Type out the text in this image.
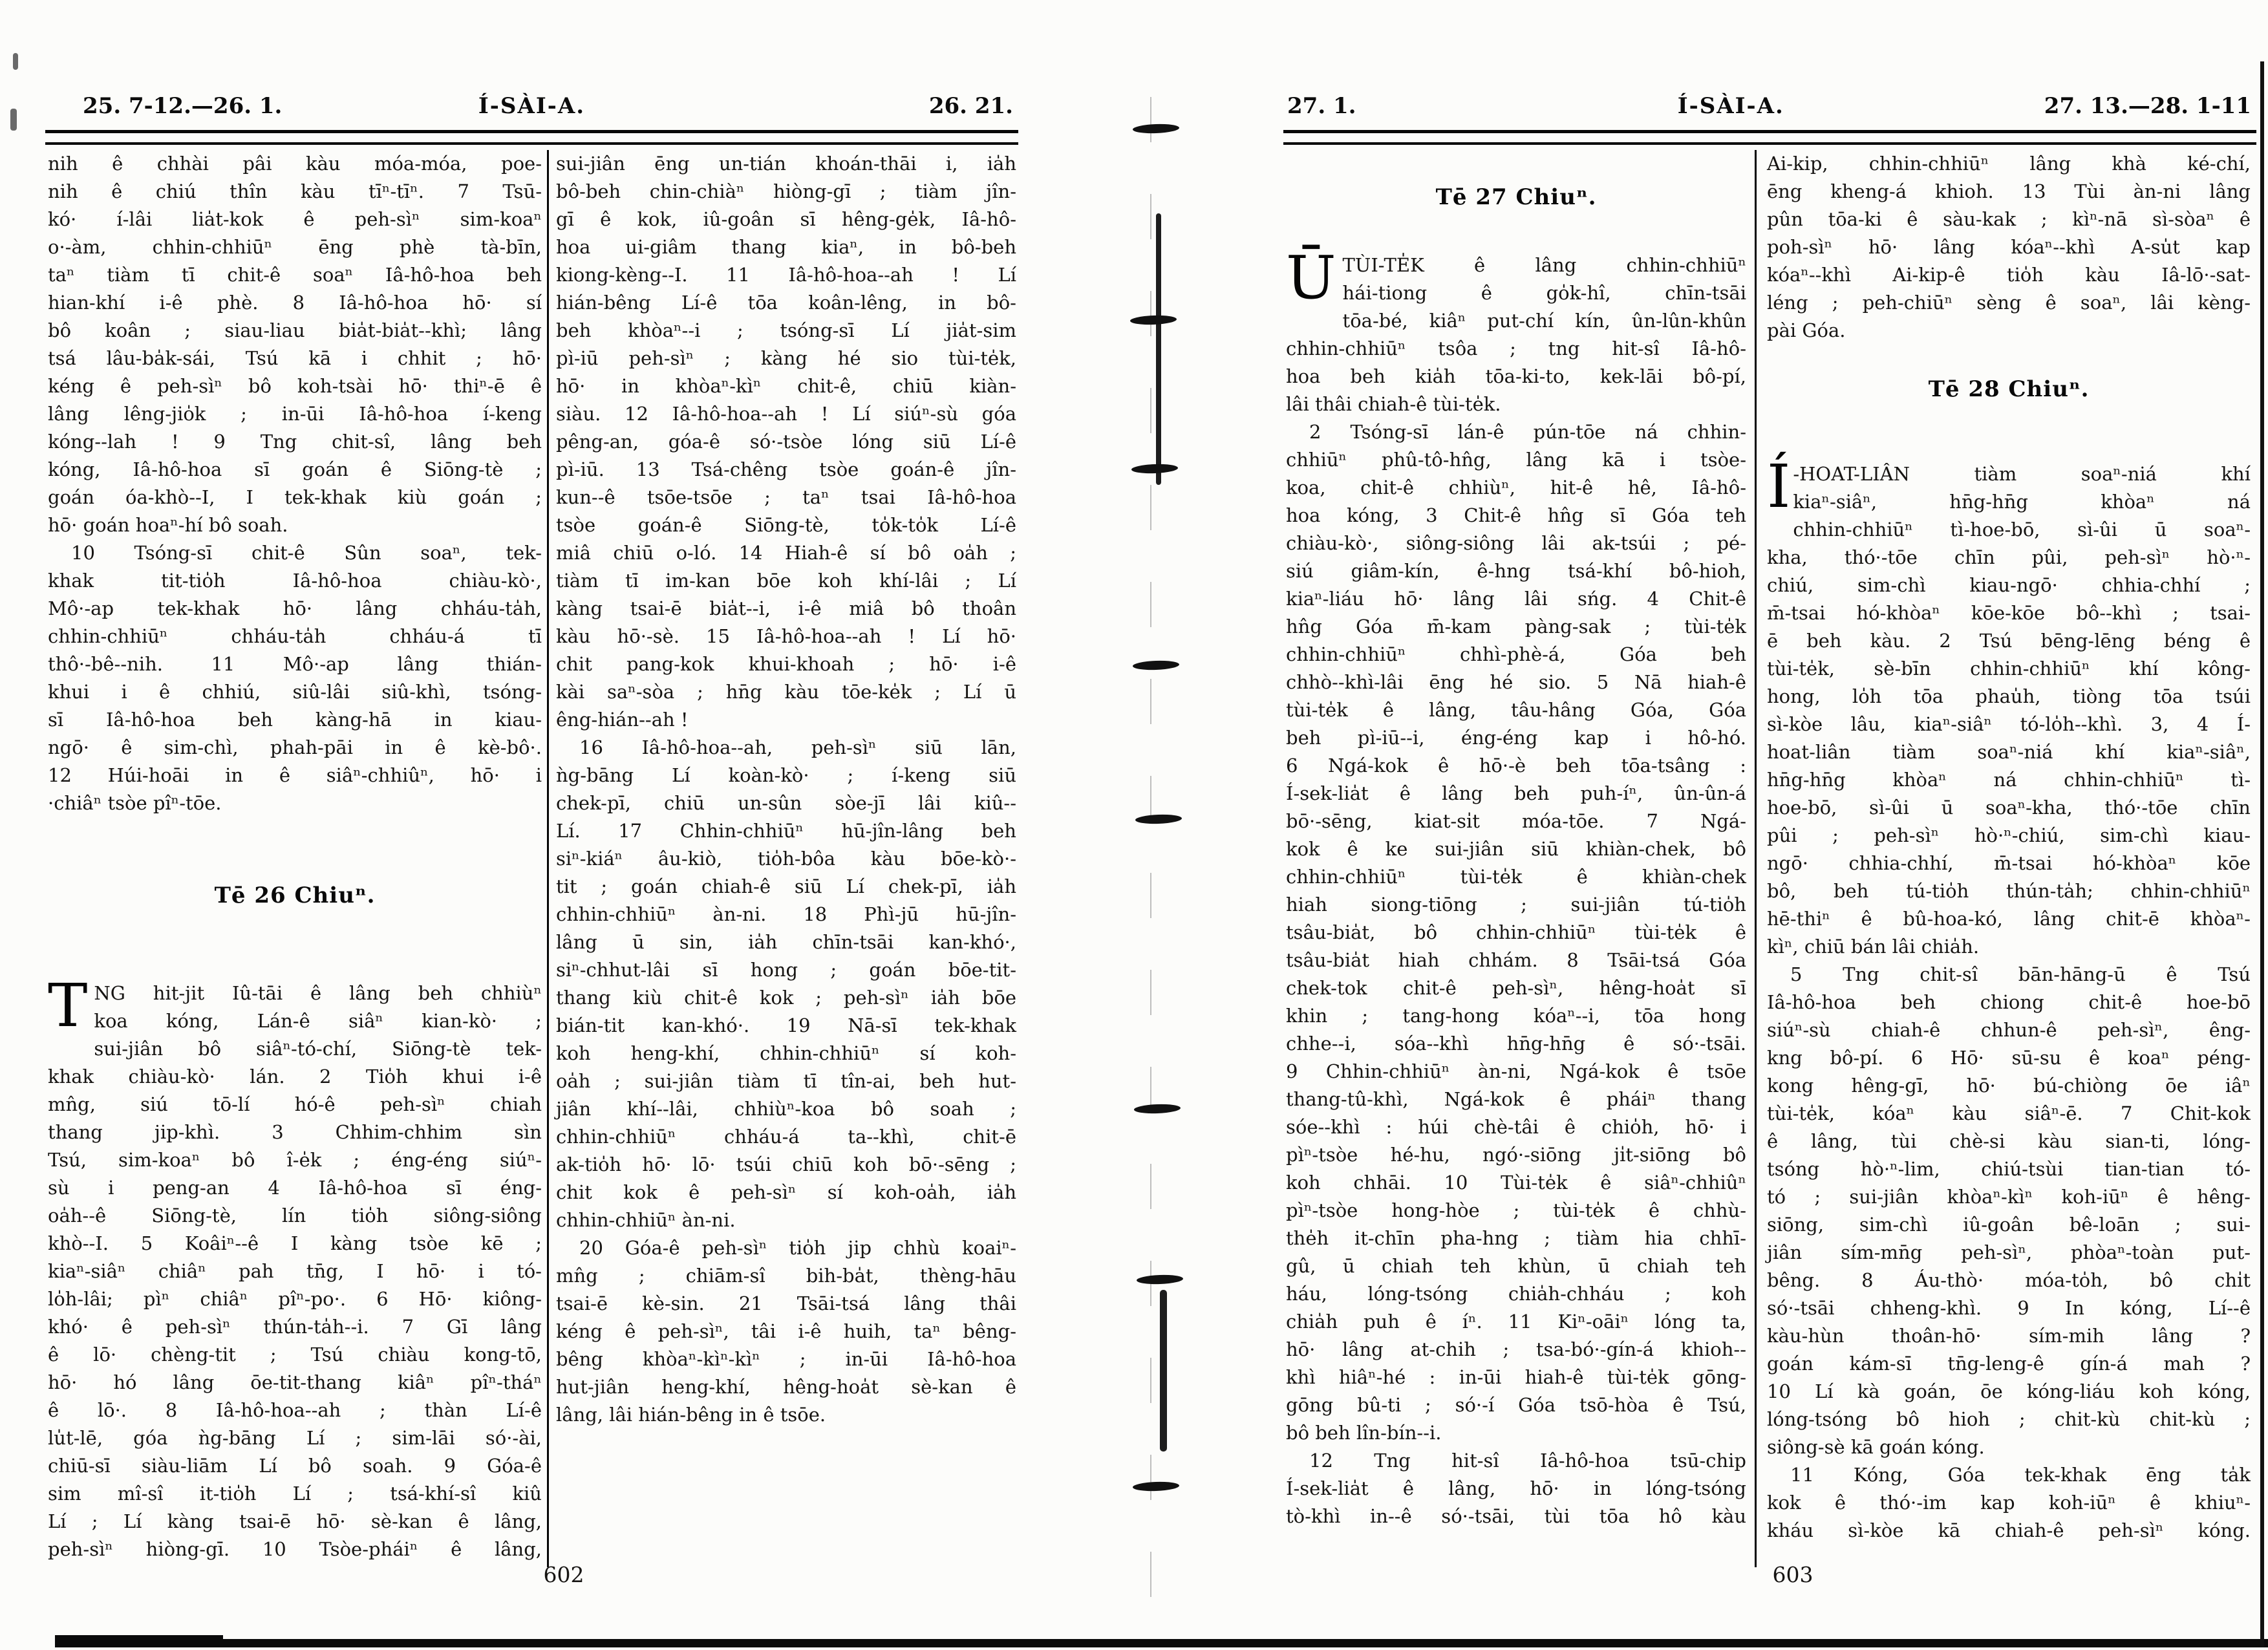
25. 7-12.—26. 1.	Í-SÀI-A.	26. 21.
nih ê chhài pâi kàu móa-móa, poe-
nih ê chiú thîn kàu tīⁿ-tīⁿ. 7 Tsū-
kó· í-lâi lia̍t-kok ê peh-sìⁿ sim-koaⁿ
o·-àm, chhin-chhiūⁿ ēng phè tà-bīn,
taⁿ tiàm tī chit-ê soaⁿ Iâ-hô-hoa beh
hian-khí i-ê phè. 8 Iâ-hô-hoa hō· sí
bô koân ; siau-liau bia̍t-bia̍t--khì; lâng
tsá lâu-ba̍k-sái, Tsú kā i chhit ; hō·
kéng ê peh-sìⁿ bô koh-tsài hō· thiⁿ-ē ê
lâng lêng-jio̍k ; in-ūi Iâ-hô-hoa í-keng
kóng--lah ! 9 Tng chit-sî, lâng beh
kóng, Iâ-hô-hoa sī goán ê Siōng-tè ;
goán óa-khò--I, I tek-khak kiù goán ;
hō· goán hoaⁿ-hí bô soah.
10 Tsóng-sī chit-ê Sûn soaⁿ, tek-
khak tit-tio̍h Iâ-hô-hoa chiàu-kò·,
Mô·-ap tek-khak hō· lâng chháu-ta̍h,
chhin-chhiūⁿ chháu-ta̍h chháu-á tī
thô·-bê--nih. 11 Mô·-ap lâng thián-
khui i ê chhiú, siû-lâi siû-khì, tsóng-
sī Iâ-hô-hoa beh kàng-hā in kiau-
ngō· ê sim-chì, phah-pāi in ê kè-bô·.
12 Húi-hoāi in ê siâⁿ-chhiûⁿ, hō· i
·chiâⁿ tsòe pîⁿ-tōe.
Tē 26 Chiuⁿ.
TNG hit-jit Iû-tāi ê lâng beh chhiùⁿ
koa kóng, Lán-ê siâⁿ kian-kò· ;
sui-jiân bô siâⁿ-tó-chí, Siōng-tè tek-
khak chiàu-kò· lán. 2 Tio̍h khui i-ê
mn̂g, siú tō-lí hó-ê peh-sìⁿ chiah
thang jip-khì. 3 Chhim-chhim sìn
Tsú, sim-koaⁿ bô î-e̍k ; éng-éng siúⁿ-
sù i peng-an 4 Iâ-hô-hoa sī éng-
oa̍h--ê Siōng-tè, lín tio̍h siông-siông
khò--I. 5 Koâiⁿ--ê I kàng tsòe kē ;
kiaⁿ-siâⁿ chiâⁿ pah tn̄g, I hō· i tó-
lo̍h-lâi; pìⁿ chiâⁿ pîⁿ-po·. 6 Hō· kiông-
khó· ê peh-sìⁿ thún-ta̍h--i. 7 Gī lâng
ê lō· chèng-tit ; Tsú chiàu kong-tō,
hō· hó lâng ōe-tit-thang kiâⁿ pîⁿ-tháⁿ
ê lō·. 8 Iâ-hô-hoa--ah ; thàn Lí-ê
lu̍t-lē, góa ǹg-bāng Lí ; sim-lāi só·-ài,
chiū-sī siàu-liām Lí bô soah. 9 Góa-ê
sim mî-sî it-tio̍h Lí ; tsá-khí-sî kiû
Lí ; Lí kàng tsai-ē hō· sè-kan ê lâng,
peh-sìⁿ hiòng-gī. 10 Tsòe-pháiⁿ ê lâng,
sui-jiân ēng un-tián khoán-thāi i, ia̍h
bô-beh chin-chiàⁿ hiòng-gī ; tiàm jîn-
gī ê kok, iû-goân sī hêng-ge̍k, Iâ-hô-
hoa ui-giâm thang kiaⁿ, in bô-beh
kiong-kèng--I. 11 Iâ-hô-hoa--ah ! Lí
hián-bêng Lí-ê tōa koân-lêng, in bô-
beh khòaⁿ--i ; tsóng-sī Lí jia̍t-sim
pì-iū peh-sìⁿ ; kàng hé sio tùi-te̍k,
hō· in khòaⁿ-kìⁿ chit-ê, chiū kiàn-
siàu. 12 Iâ-hô-hoa--ah ! Lí siúⁿ-sù góa
pêng-an, góa-ê só·-tsòe lóng siū Lí-ê
pì-iū. 13 Tsá-chêng tsòe goán-ê jîn-
kun--ê tsōe-tsōe ; taⁿ tsai Iâ-hô-hoa
tsòe goán-ê Siōng-tè, to̍k-to̍k Lí-ê
miâ chiū o-ló. 14 Hiah-ê sí bô oa̍h ;
tiàm tī im-kan bōe koh khí-lâi ; Lí
kàng tsai-ē bia̍t--i, i-ê miâ bô thoân
kàu hō·-sè. 15 Iâ-hô-hoa--ah ! Lí hō·
chit pang-kok khui-khoah ; hō· i-ê
kài saⁿ-sòa ; hn̄g kàu tōe-ke̍k ; Lí ū
êng-hián--ah !
16 Iâ-hô-hoa--ah, peh-sìⁿ siū lān,
ǹg-bāng Lí koàn-kò· ; í-keng siū
chek-pī, chiū un-sûn sòe-jī lâi kiû--
Lí. 17 Chhin-chhiūⁿ hū-jîn-lâng beh
siⁿ-kiáⁿ âu-kiò, tio̍h-bôa kàu bōe-kò·-
tit ; goán chiah-ê siū Lí chek-pī, ia̍h
chhin-chhiūⁿ àn-ni. 18 Phì-jū hū-jîn-
lâng ū sin, ia̍h chīn-tsāi kan-khó·,
siⁿ-chhut-lâi sī hong ; goán bōe-tit-
thang kiù chit-ê kok ; peh-sìⁿ ia̍h bōe
bián-tit kan-khó·. 19 Nā-sī tek-khak
koh heng-khí, chhin-chhiūⁿ sí koh-
oa̍h ; sui-jiân tiàm tī tîn-ai, beh hut-
jiân khí--lâi, chhiùⁿ-koa bô soah ;
chhin-chhiūⁿ chháu-á ta--khì, chit-ē
ak-tio̍h hō· lō· tsúi chiū koh bō·-sēng ;
chit kok ê peh-sìⁿ sí koh-oa̍h, ia̍h
chhin-chhiūⁿ àn-ni.
20 Góa-ê peh-sìⁿ tio̍h jip chhù koaiⁿ-
mn̂g ; chiām-sî bih-ba̍t, thèng-hāu
tsai-ē kè-sin. 21 Tsāi-tsá lâng thâi
kéng ê peh-sìⁿ, tâi i-ê huih, taⁿ bêng-
bêng khòaⁿ-kìⁿ-kìⁿ ; in-ūi Iâ-hô-hoa
hut-jiân heng-khí, hêng-hoa̍t sè-kan ê
lâng, lâi hián-bêng in ê tsōe.
602
27. 1.	Í-SÀI-A.	27. 13.—28. 1-11
Tē 27 Chiuⁿ.
ŪTÙI-TE̍K ê lâng chhin-chhiūⁿ
hái-tiong ê go̍k-hî, chīn-tsāi
tōa-bé, kiâⁿ put-chí kín, ûn-lûn-khûn
chhin-chhiūⁿ tsôa ; tng hit-sî Iâ-hô-
hoa beh kia̍h tōa-ki-to, kek-lāi bô-pí,
lâi thâi chiah-ê tùi-te̍k.
2 Tsóng-sī lán-ê pún-tōe ná chhin-
chhiūⁿ phû-tô-hn̂g, lâng kā i tsòe-
koa, chit-ê chhiùⁿ, hit-ê hê, Iâ-hô-
hoa kóng, 3 Chit-ê hn̂g sī Góa teh
chiàu-kò·, siông-siông lâi ak-tsúi ; pé-
siú giâm-kín, ê-hng tsá-khí bô-hioh,
kiaⁿ-liáu hō· lâng lâi sńg. 4 Chit-ê
hn̂g Góa m̄-kam pàng-sak ; tùi-te̍k
chhin-chhiūⁿ chhì-phè-á, Góa beh
chhò--khì-lâi ēng hé sio. 5 Nā hiah-ê
tùi-te̍k ê lâng, tâu-hâng Góa, Góa
beh pì-iū--i, éng-éng kap i hô-hó.
6 Ngá-kok ê hō·-è beh tōa-tsâng :
Í-sek-lia̍t ê lâng beh puh-íⁿ, ûn-ûn-á
bō·-sēng, kiat-si̍t móa-tōe. 7 Ngá-
kok ê ke sui-jiân siū khiàn-chek, bô
chhin-chhiūⁿ tùi-te̍k ê khiàn-chek
hiah siong-tiōng ; sui-jiân tú-tio̍h
tsâu-bia̍t, bô chhin-chhiūⁿ tùi-te̍k ê
tsâu-bia̍t hiah chhám. 8 Tsāi-tsá Góa
chek-tok chit-ê peh-sìⁿ, hêng-hoa̍t sī
khin ; tang-hong kóaⁿ--i, tōa hong
chhe--i, sóa--khì hn̄g-hn̄g ê só·-tsāi.
9 Chhin-chhiūⁿ àn-ni, Ngá-kok ê tsōe
thang-tû-khì, Ngá-kok ê pháiⁿ thang
sóe--khì : húi chè-tâi ê chio̍h, hō· i
pìⁿ-tsòe hé-hu, ngó·-siōng ji̍t-siōng bô
koh chhāi. 10 Tùi-te̍k ê siâⁿ-chhiûⁿ
pìⁿ-tsòe hong-hòe ; tùi-te̍k ê chhù-
the̍h it-chīn pha-hng ; tiàm hia chhī-
gû, ū chiah teh khùn, ū chiah teh
háu, lóng-tsóng chia̍h-chháu ; koh
chia̍h puh ê íⁿ. 11 Kiⁿ-oāiⁿ lóng ta,
hō· lâng at-chih ; tsa-bó·-gín-á khioh--
khì hiâⁿ-hé : in-ūi hiah-ê tùi-te̍k gōng-
gōng bû-ti ; só·-í Góa tsō-hòa ê Tsú,
bô beh lîn-bín--i.
12 Tng hit-sî Iâ-hô-hoa tsū-chip
Í-sek-lia̍t ê lâng, hō· in lóng-tsóng
tò-khì in--ê só·-tsāi, tùi tōa hô kàu
Ai-kip, chhin-chhiūⁿ lâng khà ké-chí,
ēng kheng-á khioh. 13 Tùi àn-ni lâng
pûn tōa-ki ê sàu-kak ; kìⁿ-nā sì-sòaⁿ ê
poh-sìⁿ hō· lâng kóaⁿ--khì A-su̍t kap
kóaⁿ--khì Ai-kip-ê tio̍h kàu Iâ-lō·-sat-
léng ; peh-chiūⁿ sèng ê soaⁿ, lâi kèng-
pài Góa.
Tē 28 Chiuⁿ.
Í -HOAT-LIÂN tiàm soaⁿ-niá khí
kiaⁿ-siâⁿ, hn̄g-hn̄g khòaⁿ ná
chhin-chhiūⁿ tì-hoe-bō, sì-ûi ū soaⁿ-
kha, thó·-tōe chīn pûi, peh-sìⁿ hò·ⁿ-
chiú, sim-chì kiau-ngō· chhia-chhí ;
m̄-tsai hó-khòaⁿ kōe-kōe bô--khì ; tsai-
ē beh kàu. 2 Tsú bēng-lēng béng ê
tùi-te̍k, sè-bīn chhin-chhiūⁿ khí kông-
hong, lo̍h tōa phau̍h, tiòng tōa tsúi
sì-kòe lâu, kiaⁿ-siâⁿ tó-lo̍h--khì. 3, 4 Í-
hoat-liân tiàm soaⁿ-niá khí kiaⁿ-siâⁿ,
hn̄g-hn̄g khòaⁿ ná chhin-chhiūⁿ tì-
hoe-bō, sì-ûi ū soaⁿ-kha, thó·-tōe chīn
pûi ; peh-sìⁿ hò·ⁿ-chiú, sim-chì kiau-
ngō· chhia-chhí, m̄-tsai hó-khòaⁿ kōe
bô, beh tú-tio̍h thún-ta̍h; chhin-chhiūⁿ
hē-thiⁿ ê bû-hoa-kó, lâng chit-ē khòaⁿ-
kìⁿ, chiū bán lâi chia̍h.
5 Tng chit-sî bān-hāng-ū ê Tsú
Iâ-hô-hoa beh chiong chit-ê hoe-bō
siúⁿ-sù chiah-ê chhun-ê peh-sìⁿ, êng-
kng bô-pí. 6 Hō· sū-su ê koaⁿ péng-
kong hêng-gī, hō· bú-chiòng ōe iâⁿ
tùi-te̍k, kóaⁿ kàu siâⁿ-ē. 7 Chit-kok
ê lâng, tùi chè-si kàu sian-ti, lóng-
tsóng hò·ⁿ-lim, chiú-tsùi tian-tian tó-
tó ; sui-jiân khòaⁿ-kìⁿ koh-iūⁿ ê hêng-
siōng, sim-chì iû-goân bê-loān ; sui-
jiân sím-mn̄g peh-sìⁿ, phòaⁿ-toàn put-
bêng. 8 Áu-thò· móa-to̍h, bô chi̍t
só·-tsāi chheng-khì. 9 In kóng, Lí--ê
kàu-hùn thoân-hō· sím-mih lâng ?
goán kám-sī tn̄g-leng-ê gín-á mah ?
10 Lí kà goán, ōe kóng-liáu koh kóng,
lóng-tsóng bô hioh ; chit-kù chit-kù ;
siông-sè kā goán kóng.
11 Kóng, Góa tek-khak ēng ta̍k
kok ê thó·-im kap koh-iūⁿ ê khiuⁿ-
kháu sì-kòe kā chiah-ê peh-sìⁿ kóng.
603
